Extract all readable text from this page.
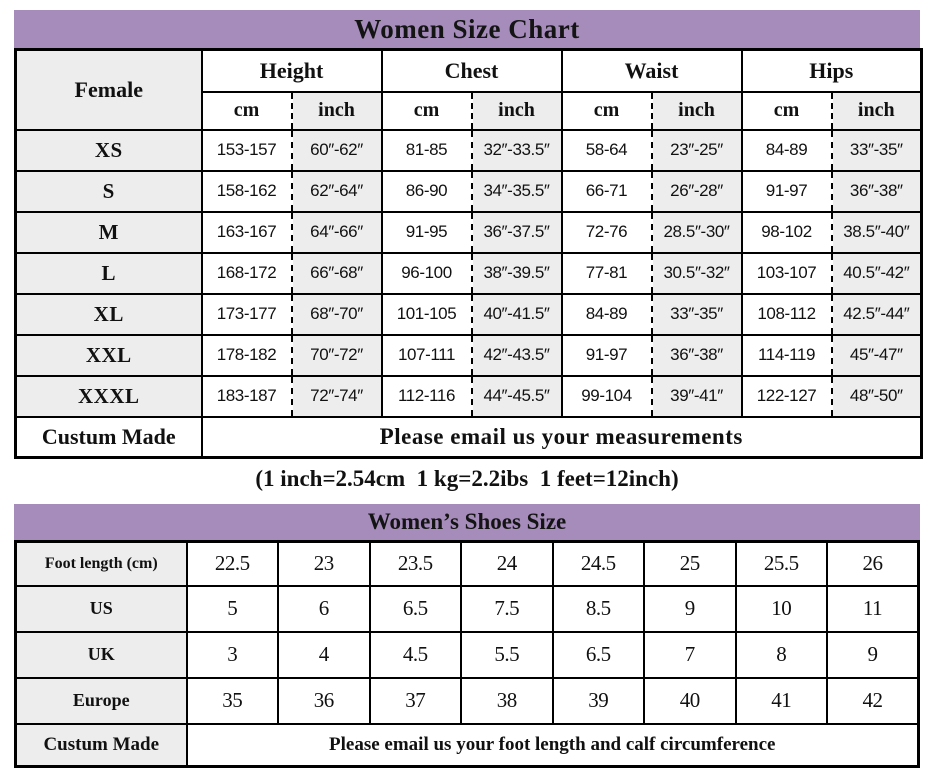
Women Size Chart
Female	Height		Chest		Waist		Hips	
	cm	inch	cm	inch	cm	inch	cm	inch
XS	153-157	60″-62″	81-85	32″-33.5″	58-64	23″-25″	84-89	33″-35″
S	158-162	62″-64″	86-90	34″-35.5″	66-71	26″-28″	91-97	36″-38″
M	163-167	64″-66″	91-95	36″-37.5″	72-76	28.5″-30″	98-102	38.5″-40″
L	168-172	66″-68″	96-100	38″-39.5″	77-81	30.5″-32″	103-107	40.5″-42″
XL	173-177	68″-70″	101-105	40″-41.5″	84-89	33″-35″	108-112	42.5″-44″
XXL	178-182	70″-72″	107-111	42″-43.5″	91-97	36″-38″	114-119	45″-47″
XXXL	183-187	72″-74″	112-116	44″-45.5″	99-104	39″-41″	122-127	48″-50″
Custum Made	Please email us your measurements							
(1 inch=2.54cm  1 kg=2.2ibs  1 feet=12inch)
Women’s Shoes Size
Foot length (cm)	22.5	23	23.5	24	24.5	25	25.5	26
US	5	6	6.5	7.5	8.5	9	10	11
UK	3	4	4.5	5.5	6.5	7	8	9
Europe	35	36	37	38	39	40	41	42
Custum Made	Please email us your foot length and calf circumference							
